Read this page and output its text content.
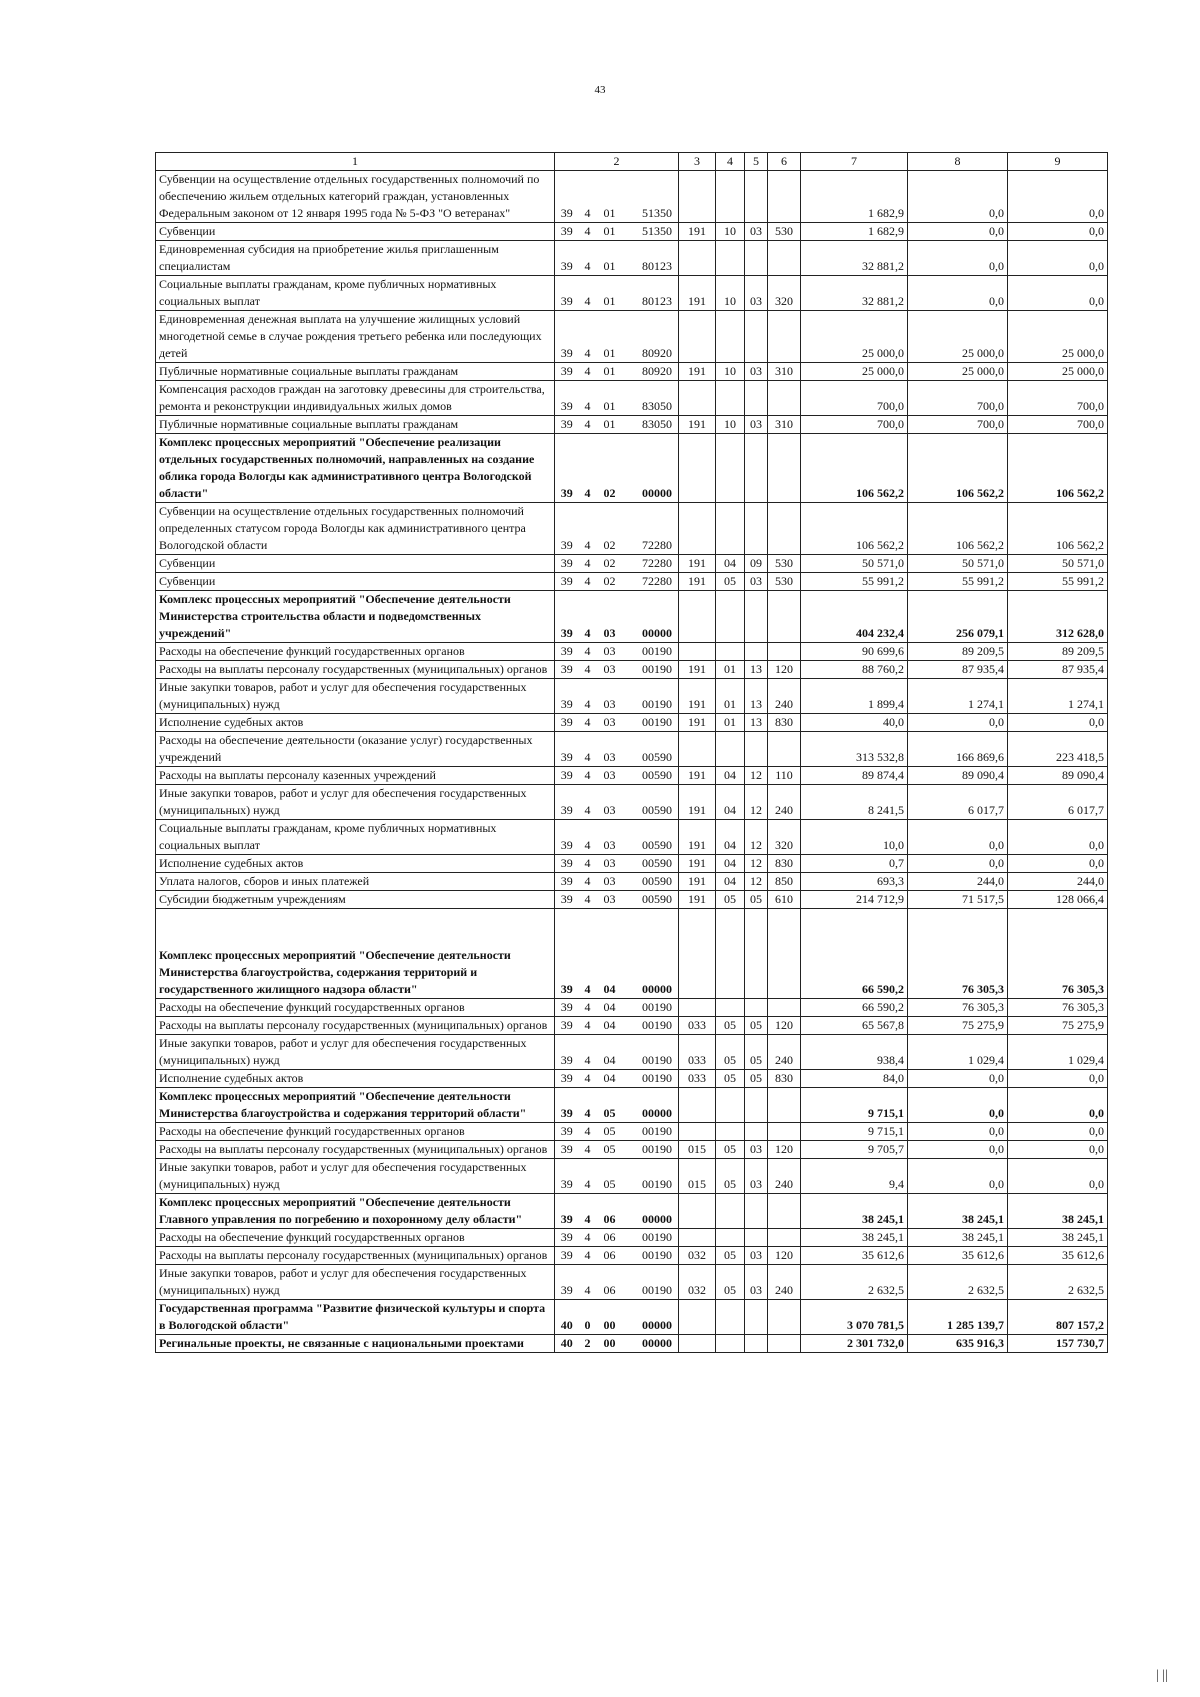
43
1	2				3	4	5	6	7	8	9
Субвенции на осуществление отдельных государственных полномочий по обеспечению жильем отдельных категорий граждан, установленных Федеральным законом от 12 января 1995 года № 5-ФЗ "О ветеранах"	39	4	01	51350					1 682,9	0,0	0,0
Субвенции	39	4	01	51350	191	10	03	530	1 682,9	0,0	0,0
Единовременная субсидия на приобретение жилья приглашенным специалистам	39	4	01	80123					32 881,2	0,0	0,0
Социальные выплаты гражданам, кроме публичных нормативных социальных выплат	39	4	01	80123	191	10	03	320	32 881,2	0,0	0,0
Единовременная денежная выплата на улучшение жилищных условий многодетной семье в случае рождения третьего ребенка или последующих детей	39	4	01	80920					25 000,0	25 000,0	25 000,0
Публичные нормативные социальные выплаты гражданам	39	4	01	80920	191	10	03	310	25 000,0	25 000,0	25 000,0
Компенсация расходов граждан на заготовку древесины для строительства, ремонта и реконструкции индивидуальных жилых домов	39	4	01	83050					700,0	700,0	700,0
Публичные нормативные социальные выплаты гражданам	39	4	01	83050	191	10	03	310	700,0	700,0	700,0
Комплекс процессных мероприятий "Обеспечение реализации отдельных государственных полномочий, направленных на создание облика города Вологды как административного центра Вологодской области"	39	4	02	00000					106 562,2	106 562,2	106 562,2
Субвенции на осуществление отдельных государственных полномочий определенных статусом города Вологды как административного центра Вологодской области	39	4	02	72280					106 562,2	106 562,2	106 562,2
Субвенции	39	4	02	72280	191	04	09	530	50 571,0	50 571,0	50 571,0
Субвенции	39	4	02	72280	191	05	03	530	55 991,2	55 991,2	55 991,2
Комплекс процессных мероприятий "Обеспечение деятельности Министерства строительства области и подведомственных учреждений"	39	4	03	00000					404 232,4	256 079,1	312 628,0
Расходы на обеспечение функций государственных органов	39	4	03	00190					90 699,6	89 209,5	89 209,5
Расходы на выплаты персоналу государственных (муниципальных) органов	39	4	03	00190	191	01	13	120	88 760,2	87 935,4	87 935,4
Иные закупки товаров, работ и услуг для обеспечения государственных (муниципальных) нужд	39	4	03	00190	191	01	13	240	1 899,4	1 274,1	1 274,1
Исполнение судебных актов	39	4	03	00190	191	01	13	830	40,0	0,0	0,0
Расходы на обеспечение деятельности (оказание услуг) государственных учреждений	39	4	03	00590					313 532,8	166 869,6	223 418,5
Расходы на выплаты персоналу казенных учреждений	39	4	03	00590	191	04	12	110	89 874,4	89 090,4	89 090,4
Иные закупки товаров, работ и услуг для обеспечения государственных (муниципальных) нужд	39	4	03	00590	191	04	12	240	8 241,5	6 017,7	6 017,7
Социальные выплаты гражданам, кроме публичных нормативных социальных выплат	39	4	03	00590	191	04	12	320	10,0	0,0	0,0
Исполнение судебных актов	39	4	03	00590	191	04	12	830	0,7	0,0	0,0
Уплата налогов, сборов и иных платежей	39	4	03	00590	191	04	12	850	693,3	244,0	244,0
Субсидии бюджетным учреждениям	39	4	03	00590	191	05	05	610	214 712,9	71 517,5	128 066,4
Комплекс процессных мероприятий "Обеспечение деятельности Министерства благоустройства, содержания территорий и государственного жилищного надзора области"	39	4	04	00000					66 590,2	76 305,3	76 305,3
Расходы на обеспечение функций государственных органов	39	4	04	00190					66 590,2	76 305,3	76 305,3
Расходы на выплаты персоналу государственных (муниципальных) органов	39	4	04	00190	033	05	05	120	65 567,8	75 275,9	75 275,9
Иные закупки товаров, работ и услуг для обеспечения государственных (муниципальных) нужд	39	4	04	00190	033	05	05	240	938,4	1 029,4	1 029,4
Исполнение судебных актов	39	4	04	00190	033	05	05	830	84,0	0,0	0,0
Комплекс процессных мероприятий "Обеспечение деятельности Министерства благоустройства и содержания территорий области"	39	4	05	00000					9 715,1	0,0	0,0
Расходы на обеспечение функций государственных органов	39	4	05	00190					9 715,1	0,0	0,0
Расходы на выплаты персоналу государственных (муниципальных) органов	39	4	05	00190	015	05	03	120	9 705,7	0,0	0,0
Иные закупки товаров, работ и услуг для обеспечения государственных (муниципальных) нужд	39	4	05	00190	015	05	03	240	9,4	0,0	0,0
Комплекс процессных мероприятий "Обеспечение деятельности Главного управления по погребению и похоронному делу области"	39	4	06	00000					38 245,1	38 245,1	38 245,1
Расходы на обеспечение функций государственных органов	39	4	06	00190					38 245,1	38 245,1	38 245,1
Расходы на выплаты персоналу государственных (муниципальных) органов	39	4	06	00190	032	05	03	120	35 612,6	35 612,6	35 612,6
Иные закупки товаров, работ и услуг для обеспечения государственных (муниципальных) нужд	39	4	06	00190	032	05	03	240	2 632,5	2 632,5	2 632,5
Государственная программа "Развитие физической культуры и спорта в Вологодской области"	40	0	00	00000					3 070 781,5	1 285 139,7	807 157,2
Регинальные проекты, не связанные с национальными проектами	40	2	00	00000					2 301 732,0	635 916,3	157 730,7
| ||
